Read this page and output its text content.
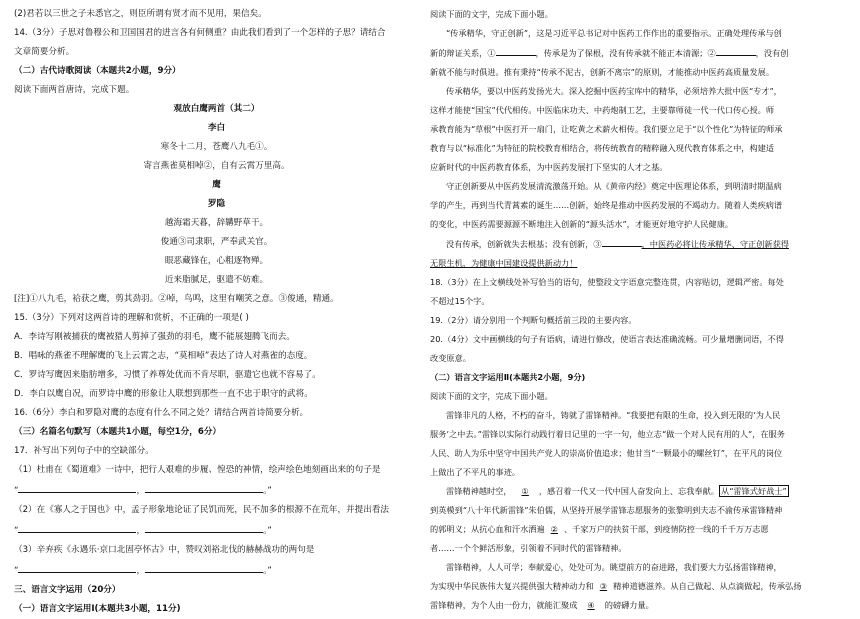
(2)君若以三世之子未悉官之，则臣所谓有贤才而不见用，果信矣。
14.（3分）子思对鲁穆公和卫国国君的进言各有何侧重？由此我们看到了一个怎样的子思？请结合
文章简要分析。
（二）古代诗歌阅读（本题共2小题，9分）
阅读下面两首唐诗，完成下题。
观放白鹰两首（其二）
李白
寒冬十二月，苍鹰八九毛①。
寄言燕雀莫相啅②，自有云霄万里高。
鹰
罗隐
越海霜天暮，辞韝野草干。
俊通③司隶职，严奉武关官。
眼恶藏锋在，心粗逐物殚。
近来脂腻足，驱遣不妨难。
[注]①八九毛，袷获之鹰，剪其劲羽。②啅，鸟鸣，这里有嘲笑之意。③俊通，精通。
15.（3分）下列对这两首诗的理解和赏析，不正确的一项是( )
A．李诗写刚被捕获的鹰被猎人剪掉了强劲的羽毛，鹰不能展翅腾飞而去。
B．唱咏的燕雀不理解鹰的飞上云霄之志，“莫相啅”表达了诗人对燕雀的态度。
C．罗诗写鹰因来脂肪增多，习惯了养尊处优而不肯尽职，驱遣它也就不容易了。
D．李白以鹰自况，而罗诗中鹰的形象让人联想到那些一直不忠于职守的武将。
16.（6分）李白和罗隐对鹰的态度有什么不同之处？请结合两首诗简要分析。
（三）名篇名句默写（本题共1小题，每空1分，6分）
17．补写出下列句子中的空缺部分。
（1）杜甫在《蜀道难》一诗中，把行人艰难的步履、惶恐的神情，绘声绘色地刻画出来的句子是
“	，	。”
（2）在《寡人之于国也》中，孟子形象地论证了民饥而死，民不加多的根源不在荒年，并提出看法
“	，	。”
（3）辛弃疾《永遇乐·京口北固亭怀古》中，赞叹刘裕北伐的赫赫战功的两句是
“	，	。”
三、语言文字运用（20分）
（一）语言文字运用Ⅰ(本题共3小题，11分)
阅读下面的文字，完成下面小题。
“传承精华，守正创新”，这是习近平总书记对中医药工作作出的重要指示。正确处理传承与创
新的辩证关系，①	，传承是为了保根，没有传承就不能正本清源；②	，没有创
新就不能与时俱进。推有秉持“传承不泥古，创新不离宗”的原则，才能推动中医药高质量发展。
传承精华，要以中医药发扬光大。深入挖掘中医药宝库中的精华，必须培养大批中医“专才”，
这样才能使“国宝”代代相传。中医临床功夫、中药炮制工艺，主要靠师徒一代一代口传心授。师
承教育能为“草根”中医打开一扇门，让吃黄之术薪火相传。我们要立足于“以个性化”为特征的师承
教育与以“标准化”为特征的院校教育相结合，将传统教育的精粹融入现代教育体系之中，构建适
应新时代的中医药教育体系，为中医药发展打下坚实的人才之基。
守正创新要从中医药发展清流激荡开始。从《黄帝内经》奠定中医理论体系，到明清时期温病
学的产生，再到当代青蒿素的诞生……创新，始终是推动中医药发展的不竭动力。随着人类疾病谱
的变化，中医药需要源源不断地注入创新的“源头活水”，才能更好地守护人民健康。
没有传承，创新就失去根基；没有创新，③	，中医药必将让传承精华、守正创新获得
无限生机，为健康中国建设提供新动力！
18.（3分）在上文横线处补写恰当的语句，使整段文字语意完整连贯，内容贴切，逻辑严密。每处
不超过15个字。
19.（2分）请分别用一个判断句概括前三段的主要内容。
20.（4分）文中画横线的句子有语病，请进行修改，使语言表达准确流畅。可少量增删词语，不得
改变原意。
（二）语言文字运用Ⅱ(本题共2小题，9分)
阅读下面的文字，完成下面小题。
雷锋非凡的人格，不朽的奋斗，铸就了雷锋精神。“我要把有限的生命，投入到无限的‘为人民
服务’之中去。”雷锋以实际行动践行着日记里的一字一句，他立志“做一个对人民有用的人”，在服务
人民、助人为乐中坚守中国共产党人的崇高价值追求；他甘当“一颗最小的螺丝钉”，在平凡的岗位
上做出了不平凡的事迹。
雷锋精神越时空， ① ，感召着一代又一代中国人奋发向上、忘我奉献。 从“雷锋式好战士”
到英模到“八十年代新雷锋”朱伯儒，从坚持开展学雷锋志愿服务的张黎明到夫志不渝传承雷锋精神
的郭明义；从抗心血和汗水洒遍 ② 、千家万户的扶贫干部，到疫情防控一线的千千万万志愿
者……一个个鲜活形象，引领着不同时代的雷锋精神。
雷锋精神，人人可学；奉献爱心，处处可为。眺望前方的奋进路，我们要大力弘扬雷锋精神，
为实现中华民族伟大复兴提供强大精神动力和 ③ 精神道德滋养。从自己做起、从点滴做起，传承弘扬
雷锋精神，为个人由一份力，就能汇聚成 ④ 的磅礴力量。
